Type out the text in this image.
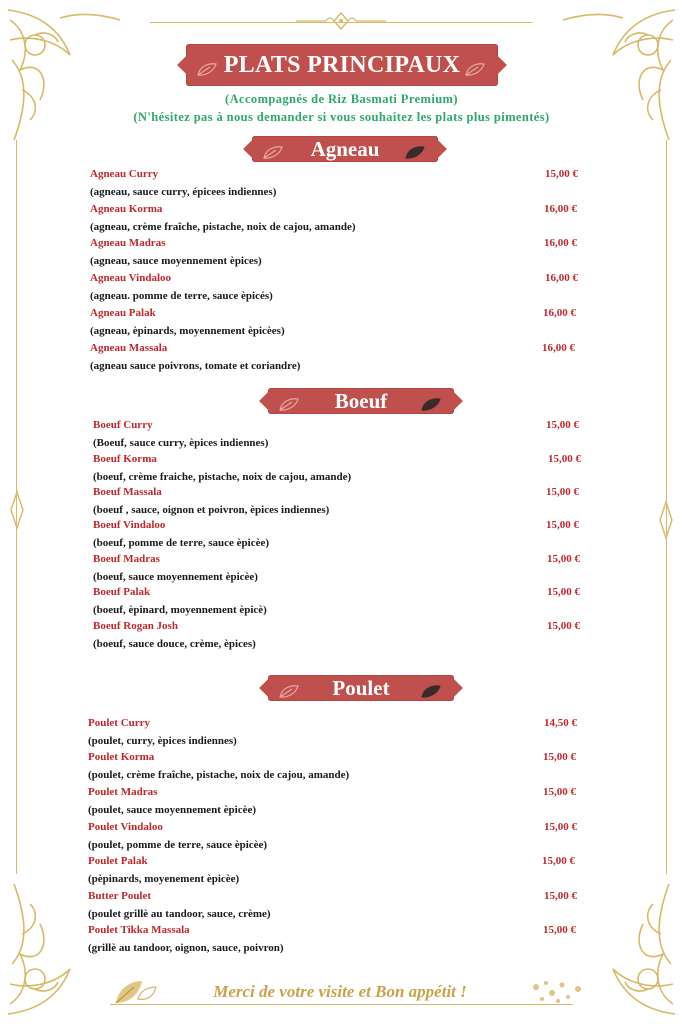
PLATS PRINCIPAUX
(Accompagnés de Riz Basmati Premium)
(N'hésitez pas à nous demander si vous souhaitez les plats plus pimentés)
Agneau
Agneau Curry	15,00 €
(agneau, sauce curry, épicees indiennes)
Agneau Korma	16,00 €
(agneau, crème fraîche, pistache, noix de cajou, amande)
Agneau Madras	16,00 €
(agneau, sauce moyennement èpices)
Agneau Vindaloo	16,00 €
(agneau. pomme de terre, sauce èpicés)
Agneau Palak	16,00 €
(agneau, èpinards, moyennement èpicèes)
Agneau Massala	16,00 €
(agneau sauce poivrons, tomate et coriandre)
Boeuf
Boeuf Curry	15,00 €
(Boeuf, sauce curry, èpices indiennes)
Boeuf Korma	15,00 €
(boeuf, crème fraiche, pistache, noix de cajou, amande)
Boeuf Massala	15,00 €
(boeuf , sauce, oignon et poivron, èpices indiennes)
Boeuf Vindaloo	15,00 €
(boeuf, pomme de terre, sauce èpicèe)
Boeuf Madras	15,00 €
(boeuf, sauce moyennement èpicèe)
Boeuf Palak	15,00 €
(boeuf, èpinard, moyennement èpicè)
Boeuf Rogan Josh	15,00 €
(boeuf, sauce douce, crème, èpices)
Poulet
Poulet Curry	14,50 €
(poulet, curry, èpices indiennes)
Poulet Korma	15,00 €
(poulet, crème fraîche, pistache, noix de cajou, amande)
Poulet Madras	15,00 €
(poulet, sauce moyennement èpicèe)
Poulet Vindaloo	15,00 €
(poulet, pomme de terre, sauce èpicèe)
Poulet Palak	15,00 €
(pèpinards, moyenement èpicèe)
Butter Poulet	15,00 €
(poulet grillè au tandoor, sauce, crème)
Poulet Tikka Massala	15,00 €
(grillè au tandoor, oignon, sauce, poivron)
Merci de votre visite et Bon appétit !
